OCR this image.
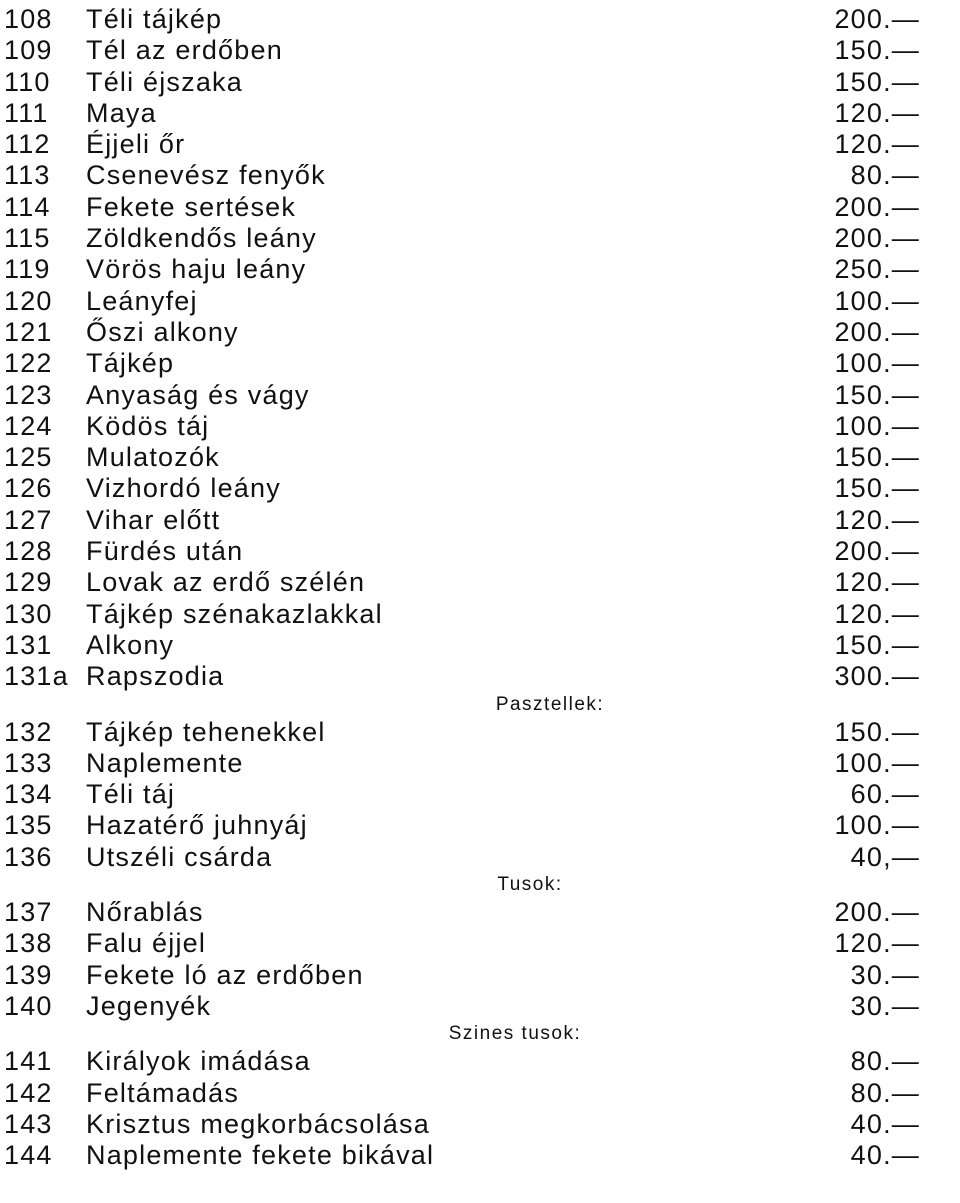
108 Téli tájkép	200.—
109 Tél az erdőben	150.—
110 Téli éjszaka	150.—
111 Maya	120.—
112 Éjjeli őr	120.—
113 Csenevész fenyők	80.—
114 Fekete sertések	200.—
115 Zöldkendős leány	200.—
119 Vörös haju leány	250.—
120 Leányfej	100.—
121 Őszi alkony	200.—
122 Tájkép	100.—
123 Anyaság és vágy	150.—
124 Ködös táj	100.—
125 Mulatozók	150.—
126 Vizhordó leány	150.—
127 Vihar előtt	120.—
128 Fürdés után	200.—
129 Lovak az erdő szélén	120.—
130 Tájkép szénakazlakkal	120.—
131 Alkony	150.—
131a Rapszodia	300.—
Pasztellek:
132 Tájkép tehenekkel	150.—
133 Naplemente	100.—
134 Téli táj	60.—
135 Hazatérő juhnyáj	100.—
136 Utszéli csárda	40,—
Tusok:
137 Nőrablás	200.—
138 Falu éjjel	120.—
139 Fekete ló az erdőben	30.—
140 Jegenyék	30.—
Szines tusok:
141 Királyok imádása	80.—
142 Feltámadás	80.—
143 Krisztus megkorbácsolása	40.—
144 Naplemente fekete bikával	40.—
